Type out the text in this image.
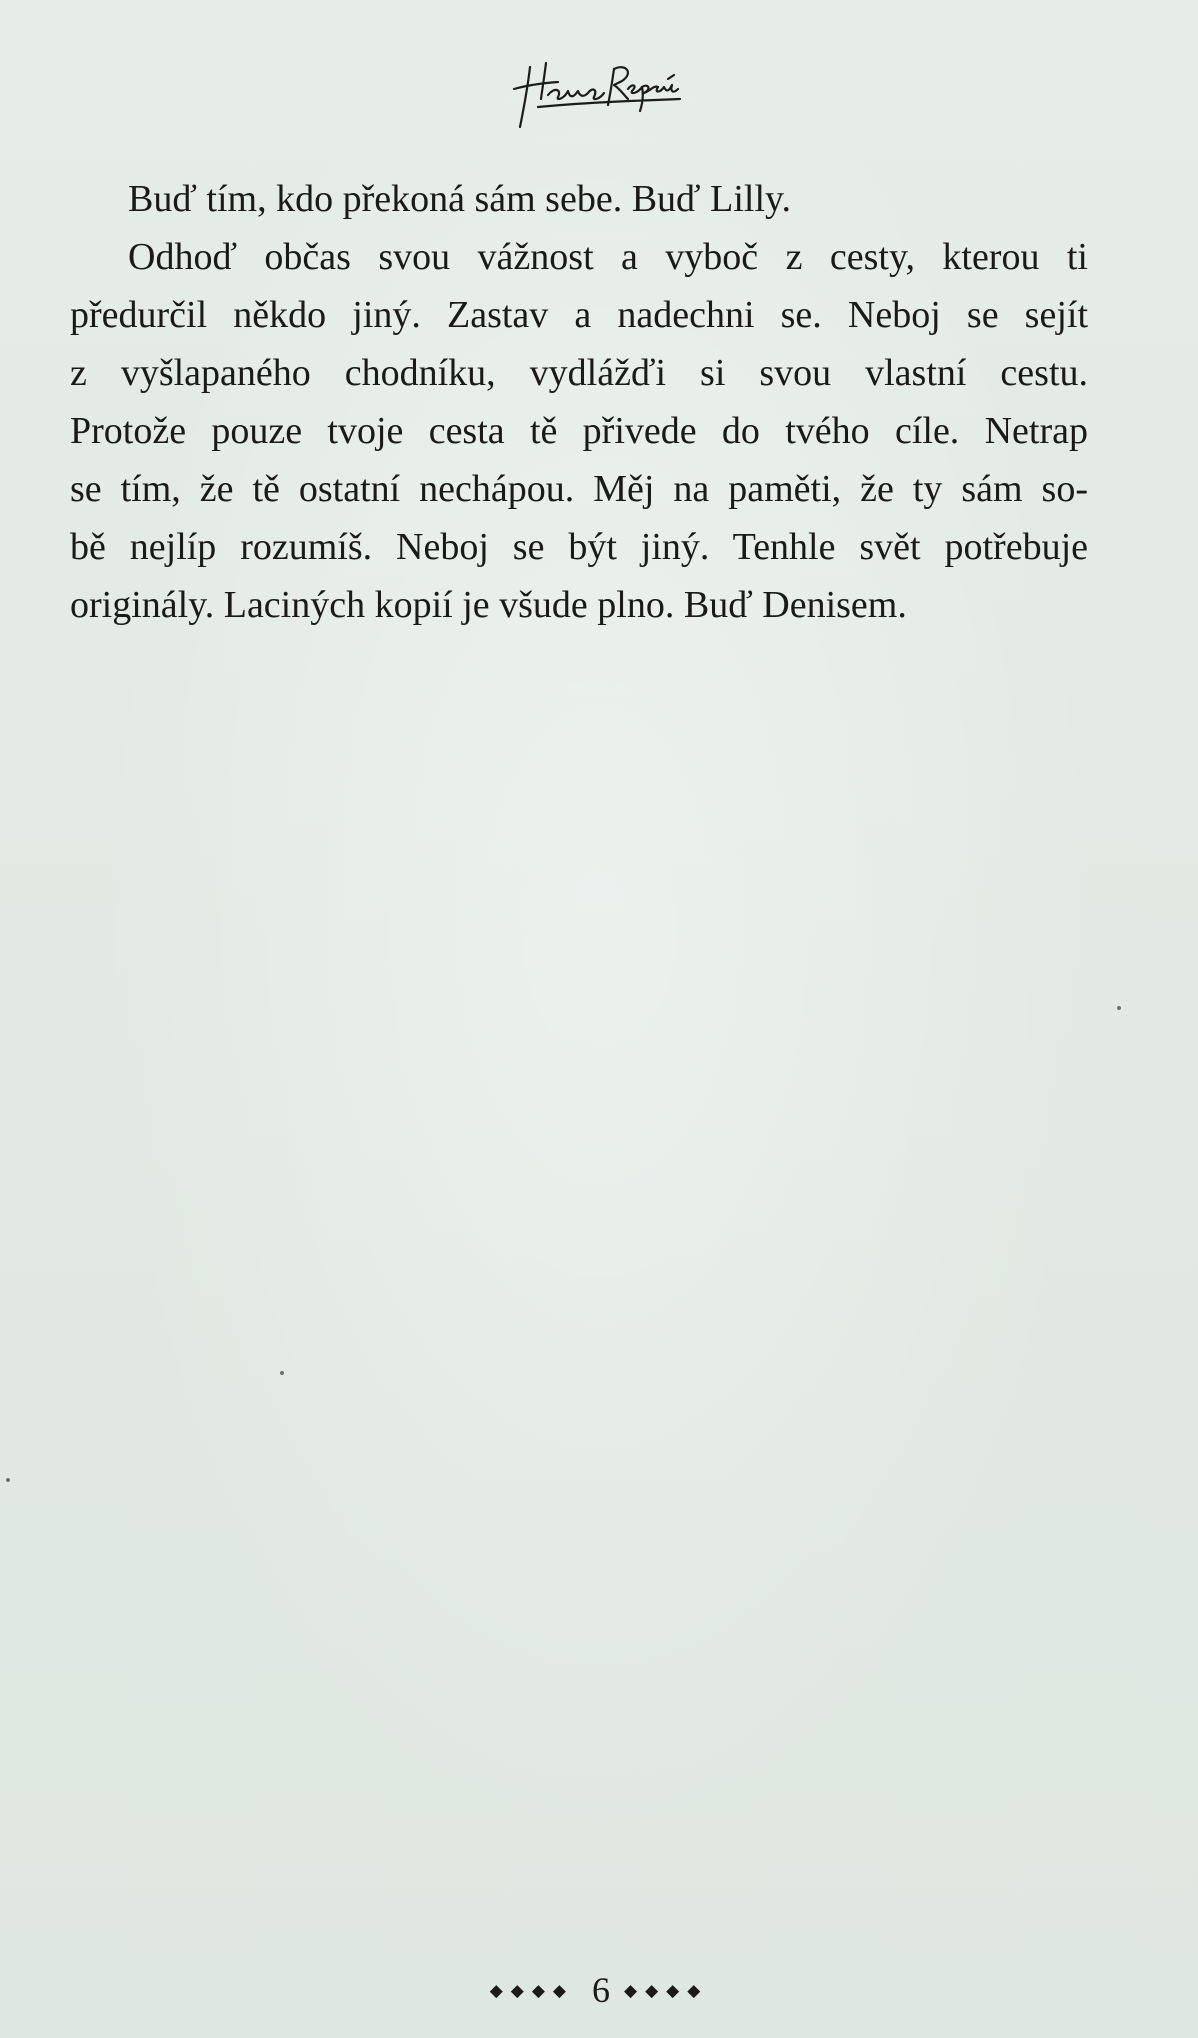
Buď tím, kdo překoná sám sebe. Buď Lilly.
Odhoď občas svou vážnost a vyboč z cesty, kterou ti
předurčil někdo jiný. Zastav a nadechni se. Neboj se sejít
z vyšlapaného chodníku, vydlážďi si svou vlastní cestu.
Protože pouze tvoje cesta tě přivede do tvého cíle. Netrap
se tím, že tě ostatní nechápou. Měj na paměti, že ty sám so-
bě nejlíp rozumíš. Neboj se být jiný. Tenhle svět potřebuje
originály. Laciných kopií je všude plno. Buď Denisem.
◆◆◆◆ 6 ◆◆◆◆
